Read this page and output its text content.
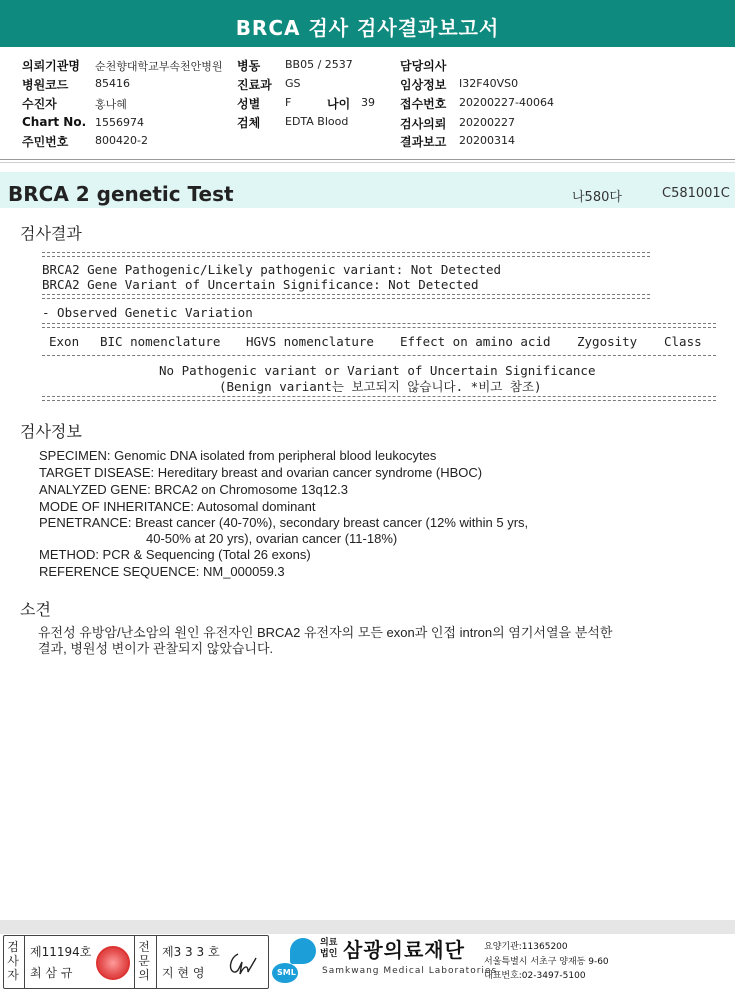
BRCA 검사 검사결과보고서
의뢰기관명 순천향대학교부속천안병원 병동 BB05 / 2537	담당의사
병원코드 85416	진료과 GS	임상정보 I32F40VS0
수진자	홍나혜	성별 F	나이 39 접수번호 20200227-40064
Chart No. 1556974	검체 EDTA Blood	검사의뢰 20200227
주민번호 800420-2	결과보고 20200314
BRCA 2 genetic Test	나580다	C581001C
검사결과
BRCA2 Gene Pathogenic/Likely pathogenic variant: Not Detected
BRCA2 Gene Variant of Uncertain Significance: Not Detected
- Observed Genetic Variation
Exon BIC nomenclature HGVS nomenclature Effect on amino acid Zygosity Class
No Pathogenic variant or Variant of Uncertain Significance
(Benign variant는 보고되지 않습니다. *비고 참조)
검사정보
SPECIMEN: Genomic DNA isolated from peripheral blood leukocytes
TARGET DISEASE: Hereditary breast and ovarian cancer syndrome (HBOC)
ANALYZED GENE: BRCA2 on Chromosome 13q12.3
MODE OF INHERITANCE: Autosomal dominant
PENETRANCE: Breast cancer (40-70%), secondary breast cancer (12% within 5 yrs,
40-50% at 20 yrs), ovarian cancer (11-18%)
METHOD: PCR & Sequencing (Total 26 exons)
REFERENCE SEQUENCE: NM_000059.3
소견
유전성 유방암/난소암의 원인 유전자인 BRCA2 유전자의 모든 exon과 인접 intron의 염기서열을 분석한
결과, 병원성 변이가 관찰되지 않았습니다.
검사자
제11194호
최 삼 규
전문의
제3 3 3 호
지 현 영	SML
의료법인 삼광의료재단
Samkwang Medical Laboratories
요양기관:11365200
서울특별시 서초구 양재동 9-60
대표번호:02-3497-5100
